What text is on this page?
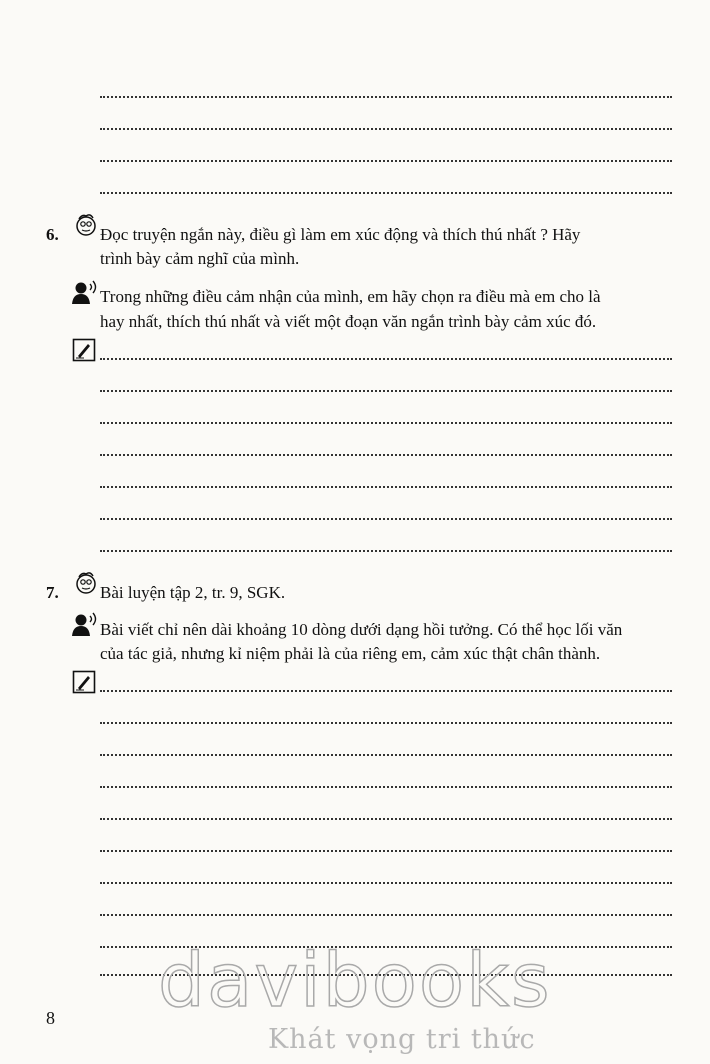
6. Đọc truyện ngắn này, điều gì làm em xúc động và thích thú nhất ? Hãy
trình bày cảm nghĩ của mình.
Trong những điều cảm nhận của mình, em hãy chọn ra điều mà em cho là
hay nhất, thích thú nhất và viết một đoạn văn ngắn trình bày cảm xúc đó.
7. Bài luyện tập 2, tr. 9, SGK.
Bài viết chỉ nên dài khoảng 10 dòng dưới dạng hồi tưởng. Có thể học lối văn
của tác giả, nhưng kỉ niệm phải là của riêng em, cảm xúc thật chân thành.
8 davibooks
Khát vọng tri thức
